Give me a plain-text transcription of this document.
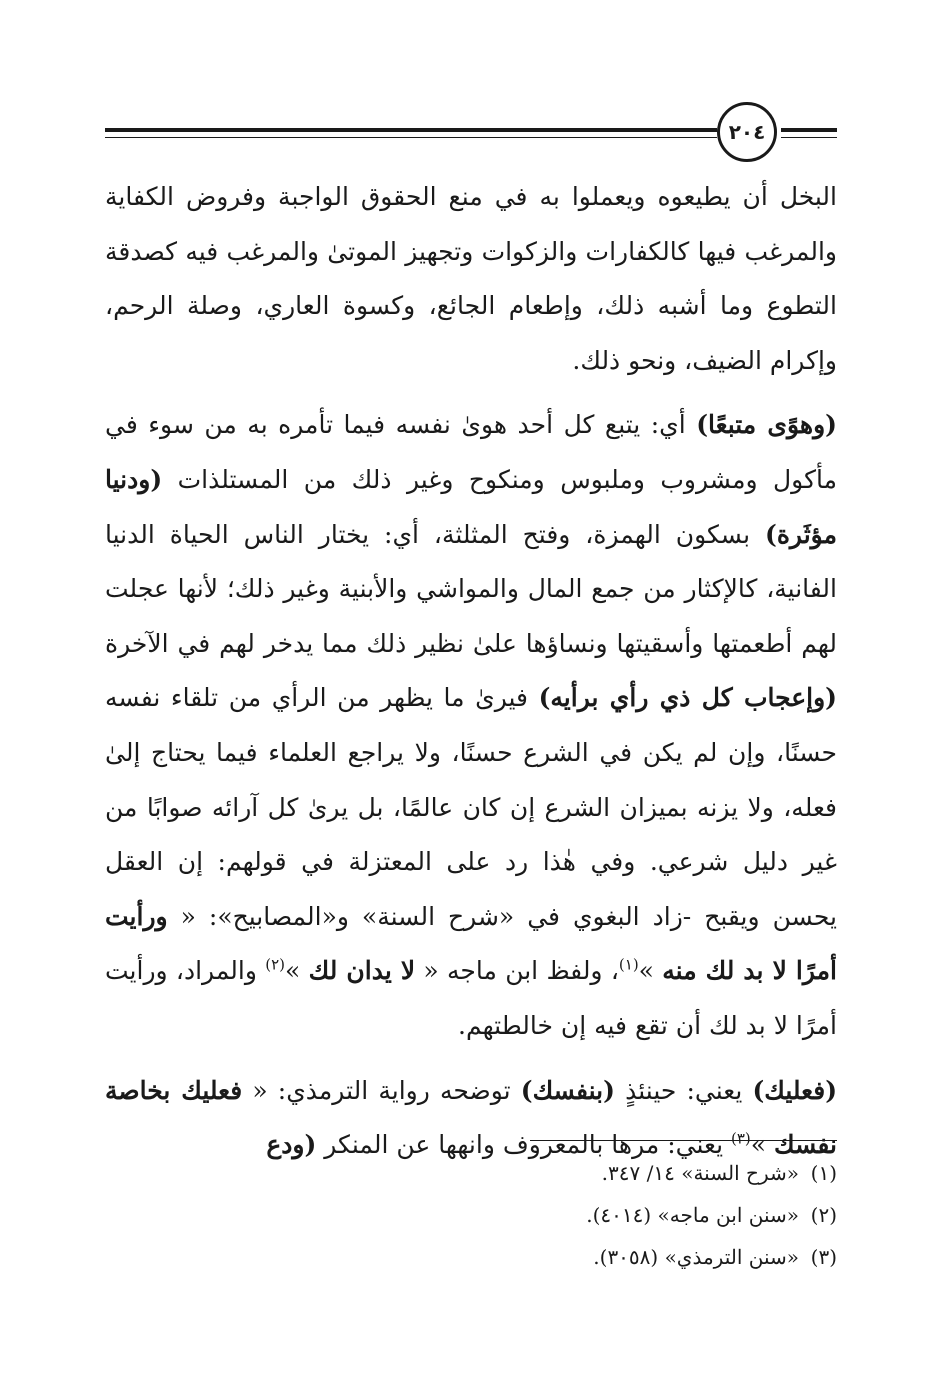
٢٠٤

البخل أن يطيعوه ويعملوا به في منع الحقوق الواجبة وفروض الكفاية والمرغب فيها كالكفارات والزكوات وتجهيز الموتىٰ والمرغب فيه كصدقة التطوع وما أشبه ذلك، وإطعام الجائع، وكسوة العاري، وصلة الرحم، وإكرام الضيف، ونحو ذلك.

(وهوًى متبعًا) أي: يتبع كل أحد هوىٰ نفسه فيما تأمره به من سوء في مأكول ومشروب وملبوس ومنكوح وغير ذلك من المستلذات (ودنيا مؤثَرة) بسكون الهمزة، وفتح المثلثة، أي: يختار الناس الحياة الدنيا الفانية، كالإكثار من جمع المال والمواشي والأبنية وغير ذلك؛ لأنها عجلت لهم أطعمتها وأسقيتها ونساؤها علىٰ نظير ذلك مما يدخر لهم في الآخرة (وإعجاب كل ذي رأي برأيه) فيرىٰ ما يظهر من الرأي من تلقاء نفسه حسنًا، وإن لم يكن في الشرع حسنًا، ولا يراجع العلماء فيما يحتاج إلىٰ فعله، ولا يزنه بميزان الشرع إن كان عالمًا، بل يرىٰ كل آرائه صوابًا من غير دليل شرعي. وفي هٰذا رد على المعتزلة في قولهم: إن العقل يحسن ويقبح -زاد البغوي في «شرح السنة» و«المصابيح»: « ورأيت أمرًا لا بد لك منه »$^{(١)}$، ولفظ ابن ماجه « لا يدان لك »$^{(٢)}$ والمراد، ورأيت أمرًا لا بد لك أن تقع فيه إن خالطتهم.

(فعليك) يعني: حينئذٍ (بنفسك) توضحه رواية الترمذي: « فعليك بخاصة نفسك »$^{(٣)}$ يعني: مرها بالمعروف وانهها عن المنكر (ودع

(١)«شرح السنة» ١٤/ ٣٤٧.
(٢)«سنن ابن ماجه» (٤٠١٤).
(٣)«سنن الترمذي» (٣٠٥٨).
